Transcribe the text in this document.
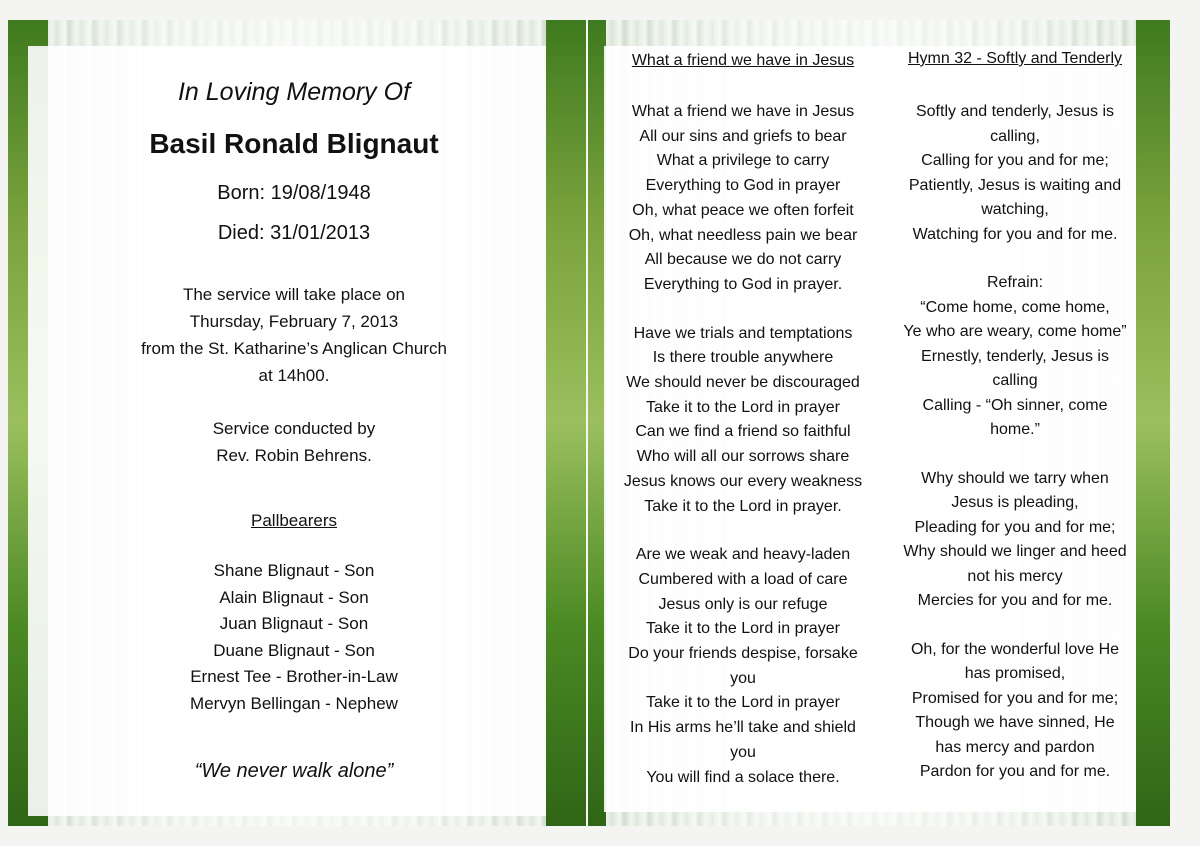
In Loving Memory Of
Basil Ronald Blignaut
Born: 19/08/1948
Died: 31/01/2013
The service will take place on
Thursday, February 7, 2013
from the St. Katharine’s Anglican Church
at 14h00.
Service conducted by
Rev. Robin Behrens.
Pallbearers
Shane Blignaut - Son
Alain Blignaut - Son
Juan Blignaut - Son
Duane Blignaut - Son
Ernest Tee - Brother-in-Law
Mervyn Bellingan - Nephew
“We never walk alone”
What a friend we have in Jesus
What a friend we have in Jesus
All our sins and griefs to bear
What a privilege to carry
Everything to God in prayer
Oh, what peace we often forfeit
Oh, what needless pain we bear
All because we do not carry
Everything to God in prayer.
Have we trials and temptations
Is there trouble anywhere
We should never be discouraged
Take it to the Lord in prayer
Can we find a friend so faithful
Who will all our sorrows share
Jesus knows our every weakness
Take it to the Lord in prayer.
Are we weak and heavy-laden
Cumbered with a load of care
Jesus only is our refuge
Take it to the Lord in prayer
Do your friends despise, forsake
you
Take it to the Lord in prayer
In His arms he’ll take and shield
you
You will find a solace there.
Hymn 32 - Softly and Tenderly
Softly and tenderly, Jesus is
calling,
Calling for you and for me;
Patiently, Jesus is waiting and
watching,
Watching for you and for me.
Refrain:
“Come home, come home,
Ye who are weary, come home”
Ernestly, tenderly, Jesus is
calling
Calling - “Oh sinner, come
home.”
Why should we tarry when
Jesus is pleading,
Pleading for you and for me;
Why should we linger and heed
not his mercy
Mercies for you and for me.
Oh, for the wonderful love He
has promised,
Promised for you and for me;
Though we have sinned, He
has mercy and pardon
Pardon for you and for me.
